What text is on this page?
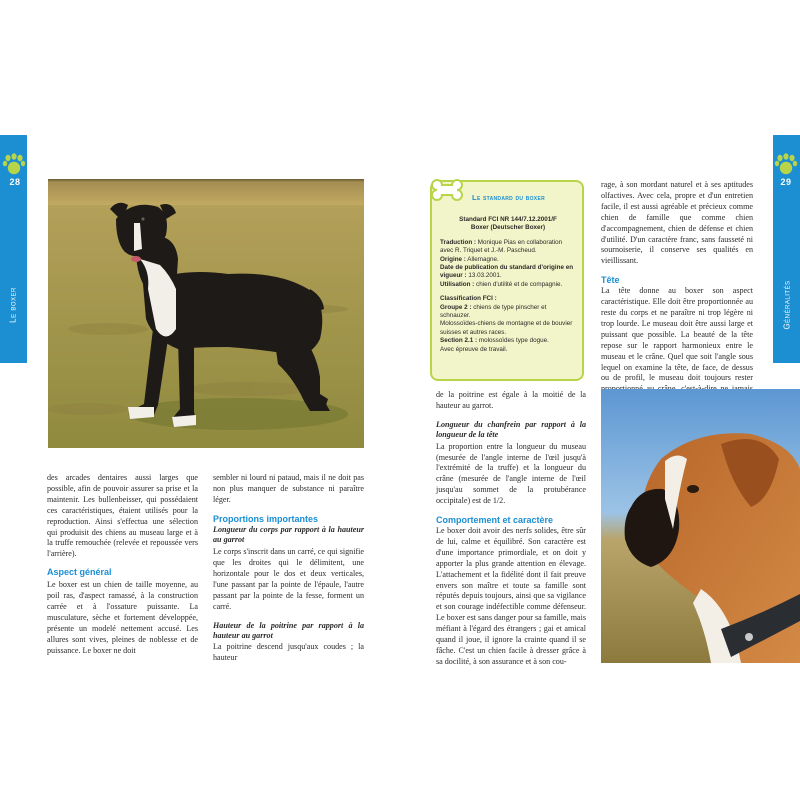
28
Le boxer

des arcades dentaires aussi larges que possible, afin de pouvoir assurer sa prise et la maintenir. Les bullenbeisser, qui possédaient ces caractéristiques, étaient utilisés pour la reproduction. Ainsi s'effectua une sélection qui produisit des chiens au museau large et à la truffe remouchée (relevée et repoussée vers l'arrière).

Aspect général

Le boxer est un chien de taille moyenne, au poil ras, d'aspect ramassé, à la construction carrée et à l'ossature puissante. La musculature, sèche et fortement développée, présente un modelé nettement accusé. Les allures sont vives, pleines de noblesse et de puissance. Le boxer ne doit

sembler ni lourd ni pataud, mais il ne doit pas non plus manquer de substance ni paraître léger.

Proportions importantes

Longueur du corps par rapport à la hauteur au garrot

Le corps s'inscrit dans un carré, ce qui signifie que les droites qui le délimitent, une horizontale pour le dos et deux verticales, l'une passant par la pointe de l'épaule, l'autre passant par la pointe de la fesse, forment un carré.

Hauteur de la poitrine par rapport à la hauteur au garrot

La poitrine descend jusqu'aux coudes ; la hauteur

29
Généralités
Le standard du boxer
Standard FCI NR 144/7.12.2001/F
Boxer (Deutscher Boxer)
Traduction : Monique Pias en collaboration avec R. Triquet et J.-M. Pascheud.
Origine : Allemagne.
Date de publication du standard d'origine en vigueur : 13.03.2001.
Utilisation : chien d'utilité et de compagnie.
Classification FCI :
Groupe 2 : chiens de type pinscher et schnauzer.
Molossoïdes-chiens de montagne et de bouvier suisses et autres races.
Section 2.1 : molossoïdes type dogue.
Avec épreuve de travail.

de la poitrine est égale à la moitié de la hauteur au garrot.

Longueur du chanfrein par rapport à la longueur de la tête

La proportion entre la longueur du museau (mesurée de l'angle interne de l'œil jusqu'à l'extrémité de la truffe) et la longueur du crâne (mesurée de l'angle interne de l'œil jusqu'au sommet de la protubérance occipitale) est de 1/2.

Comportement et caractère

Le boxer doit avoir des nerfs solides, être sûr de lui, calme et équilibré. Son caractère est d'une importance primordiale, et on doit y apporter la plus grande attention en élevage. L'attachement et la fidélité dont il fait preuve envers son maître et toute sa famille sont réputés depuis toujours, ainsi que sa vigilance et son courage indéfectible comme défenseur. Le boxer est sans danger pour sa famille, mais méfiant à l'égard des étrangers ; gai et amical quand il joue, il ignore la crainte quand il se fâche. C'est un chien facile à dresser grâce à sa docilité, à son assurance et à son cou-

rage, à son mordant naturel et à ses aptitudes olfactives. Avec cela, propre et d'un entretien facile, il est aussi agréable et précieux comme chien de famille que comme chien d'accompagnement, chien de défense et chien d'utilité. D'un caractère franc, sans fausseté ni sournoiserie, il conserve ses qualités en vieillissant.

Tête

La tête donne au boxer son aspect caractéristique. Elle doit être proportionnée au reste du corps et ne paraître ni trop légère ni trop lourde. Le museau doit être aussi large et puissant que possible. La beauté de la tête repose sur le rapport harmonieux entre le museau et le crâne. Quel que soit l'angle sous lequel on examine la tête, de face, de dessus ou de profil, le museau doit toujours rester
